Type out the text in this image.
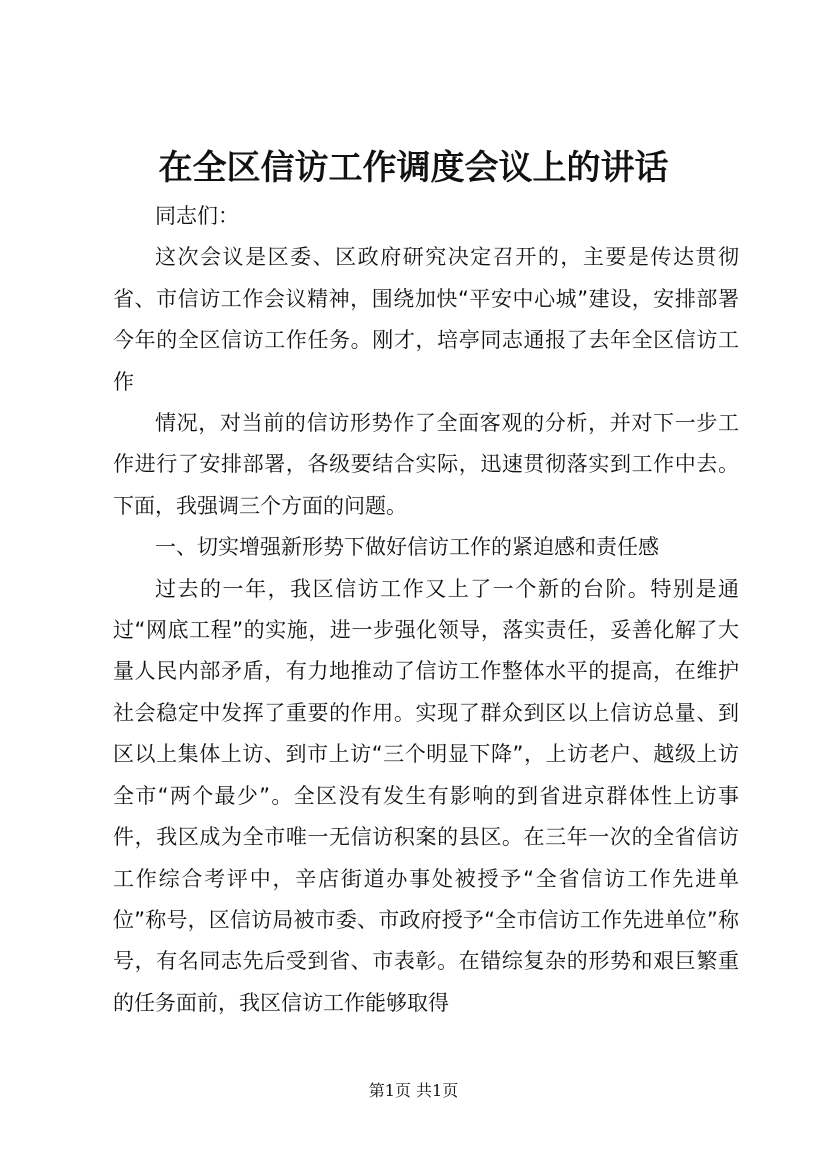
在全区信访工作调度会议上的讲话

同志们：

这次会议是区委、区政府研究决定召开的，主要是传达贯彻省、市信访工作会议精神，围绕加快“平安中心城”建设，安排部署今年的全区信访工作任务。刚才，培亭同志通报了去年全区信访工作

情况，对当前的信访形势作了全面客观的分析，并对下一步工作进行了安排部署，各级要结合实际，迅速贯彻落实到工作中去。下面，我强调三个方面的问题。

一、切实增强新形势下做好信访工作的紧迫感和责任感

过去的一年，我区信访工作又上了一个新的台阶。特别是通过“网底工程”的实施，进一步强化领导，落实责任，妥善化解了大量人民内部矛盾，有力地推动了信访工作整体水平的提高，在维护社会稳定中发挥了重要的作用。实现了群众到区以上信访总量、到区以上集体上访、到市上访“三个明显下降”，上访老户、越级上访全市“两个最少”。全区没有发生有影响的到省进京群体性上访事件，我区成为全市唯一无信访积案的县区。在三年一次的全省信访工作综合考评中，辛店街道办事处被授予“全省信访工作先进单位”称号，区信访局被市委、市政府授予“全市信访工作先进单位”称号，有名同志先后受到省、市表彰。在错综复杂的形势和艰巨繁重的任务面前，我区信访工作能够取得

第1页 共1页
